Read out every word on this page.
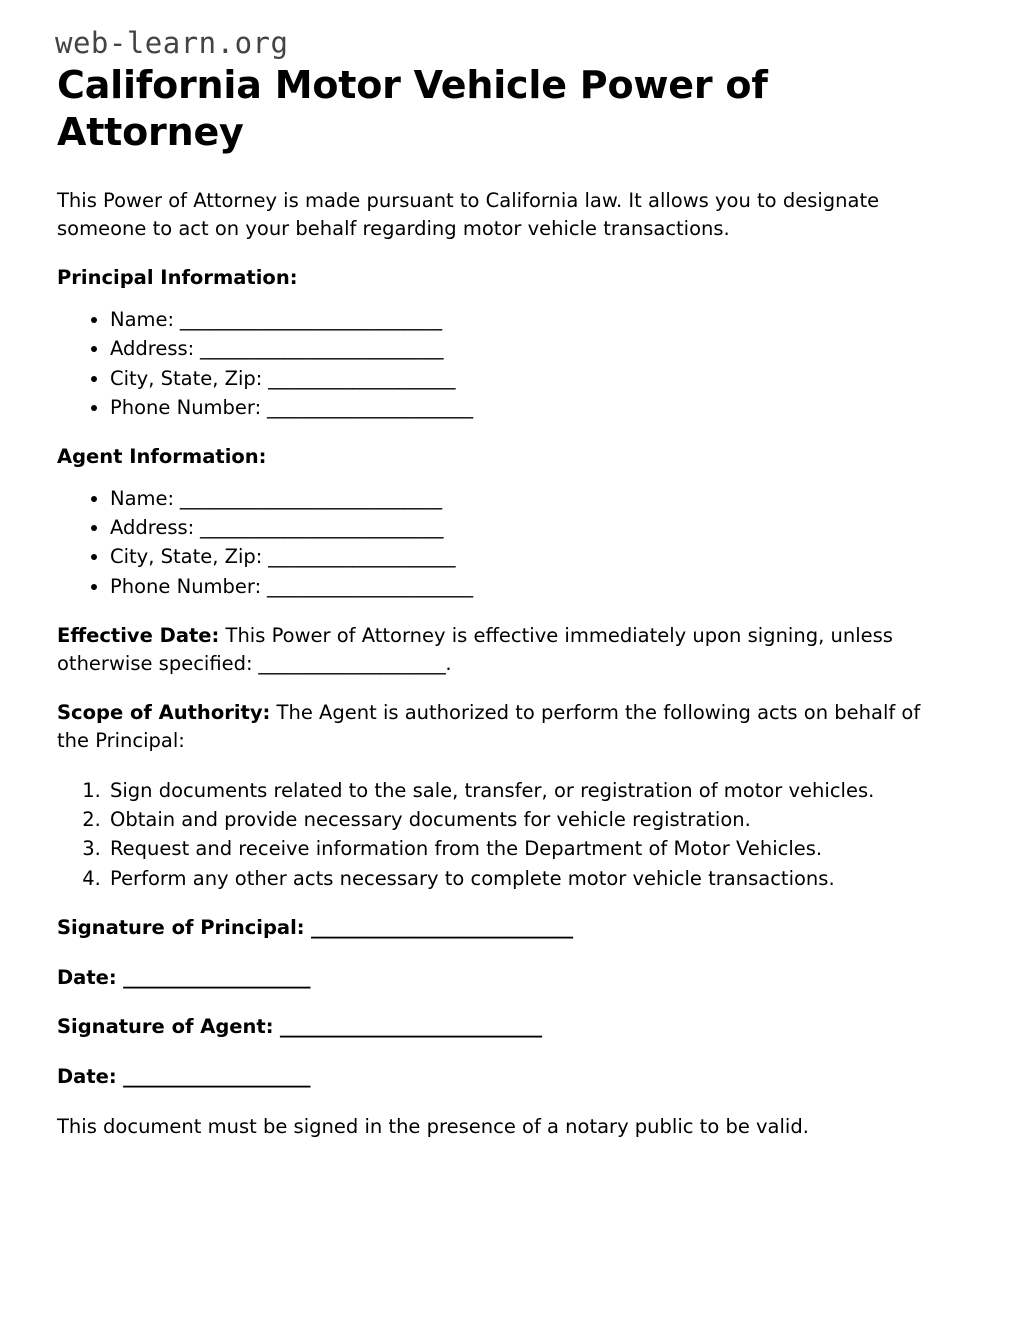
web-learn.org
California Motor Vehicle Power of Attorney

This Power of Attorney is made pursuant to California law. It allows you to designate someone to act on your behalf regarding motor vehicle transactions.

Principal Information:
• Name: ____________________________
• Address: __________________________
• City, State, Zip: ____________________
• Phone Number: ______________________
Agent Information:
• Name: ____________________________
• Address: __________________________
• City, State, Zip: ____________________
• Phone Number: ______________________

Effective Date: This Power of Attorney is effective immediately upon signing, unless otherwise specified: ____________________.

Scope of Authority: The Agent is authorized to perform the following acts on behalf of the Principal:

1. Sign documents related to the sale, transfer, or registration of motor vehicles.
2. Obtain and provide necessary documents for vehicle registration.
3. Request and receive information from the Department of Motor Vehicles.
4. Perform any other acts necessary to complete motor vehicle transactions.

Signature of Principal: ____________________________

Date: ____________________

Signature of Agent: ____________________________

Date: ____________________

This document must be signed in the presence of a notary public to be valid.
